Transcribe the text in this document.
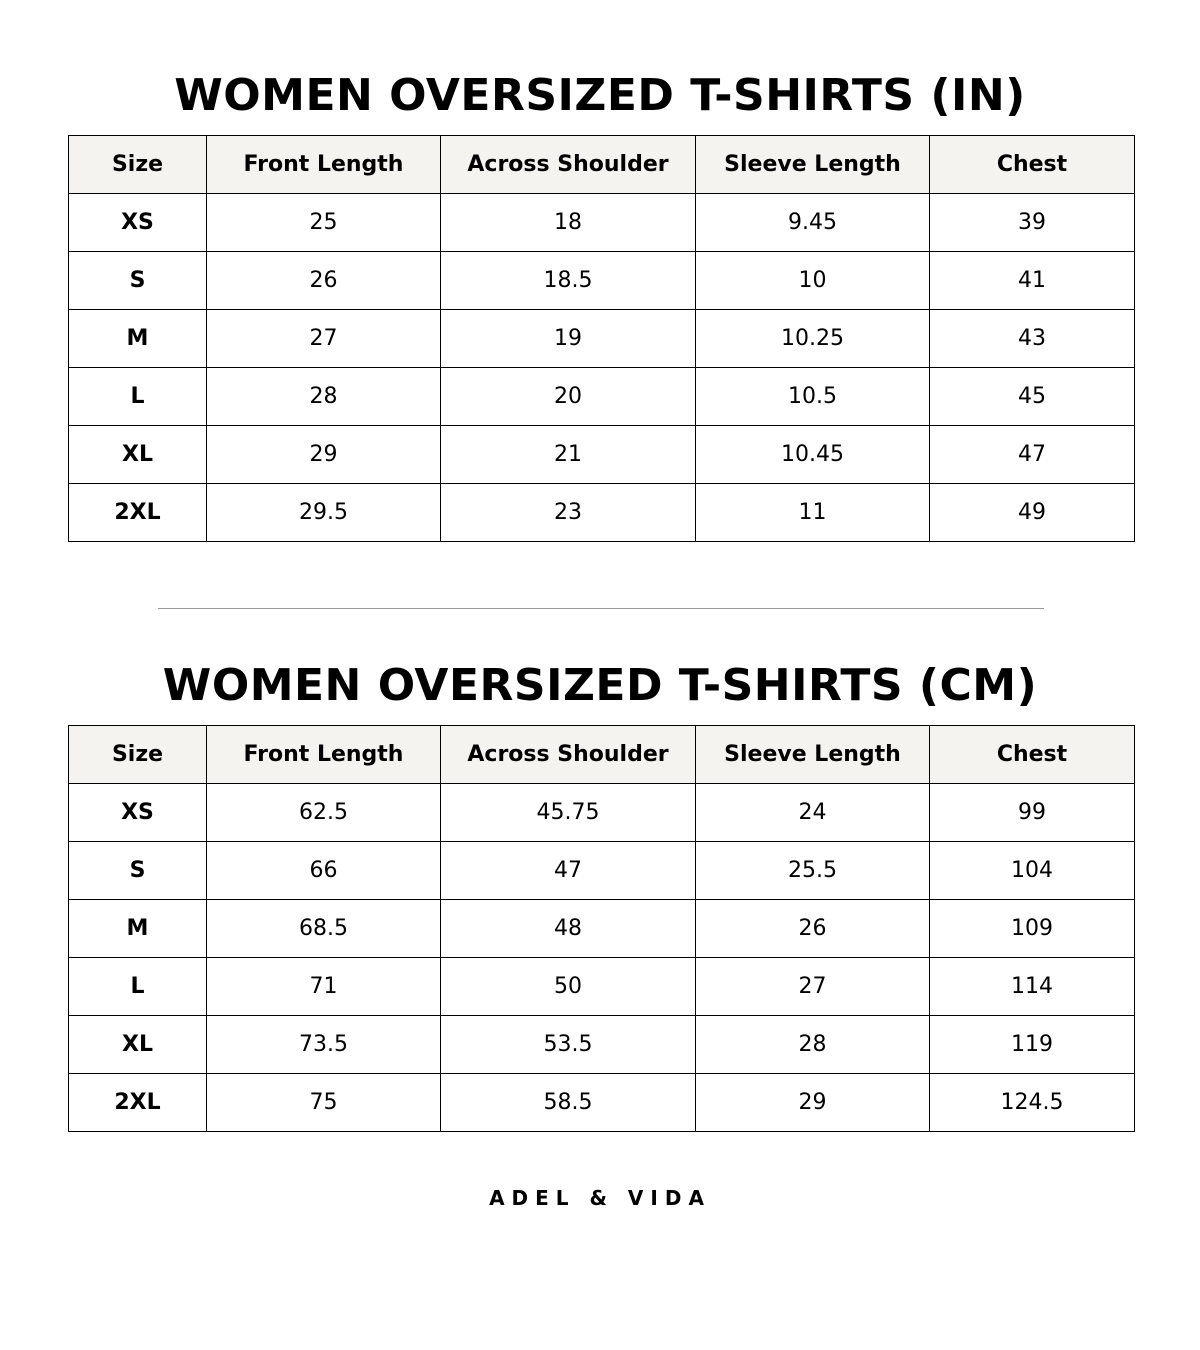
WOMEN OVERSIZED T-SHIRTS (IN)
Size	Front Length	Across Shoulder	Sleeve Length	Chest
XS	25	18	9.45	39
S	26	18.5	10	41
M	27	19	10.25	43
L	28	20	10.5	45
XL	29	21	10.45	47
2XL	29.5	23	11	49
WOMEN OVERSIZED T-SHIRTS (CM)
Size	Front Length	Across Shoulder	Sleeve Length	Chest
XS	62.5	45.75	24	99
S	66	47	25.5	104
M	68.5	48	26	109
L	71	50	27	114
XL	73.5	53.5	28	119
2XL	75	58.5	29	124.5
ADEL & VIDA
